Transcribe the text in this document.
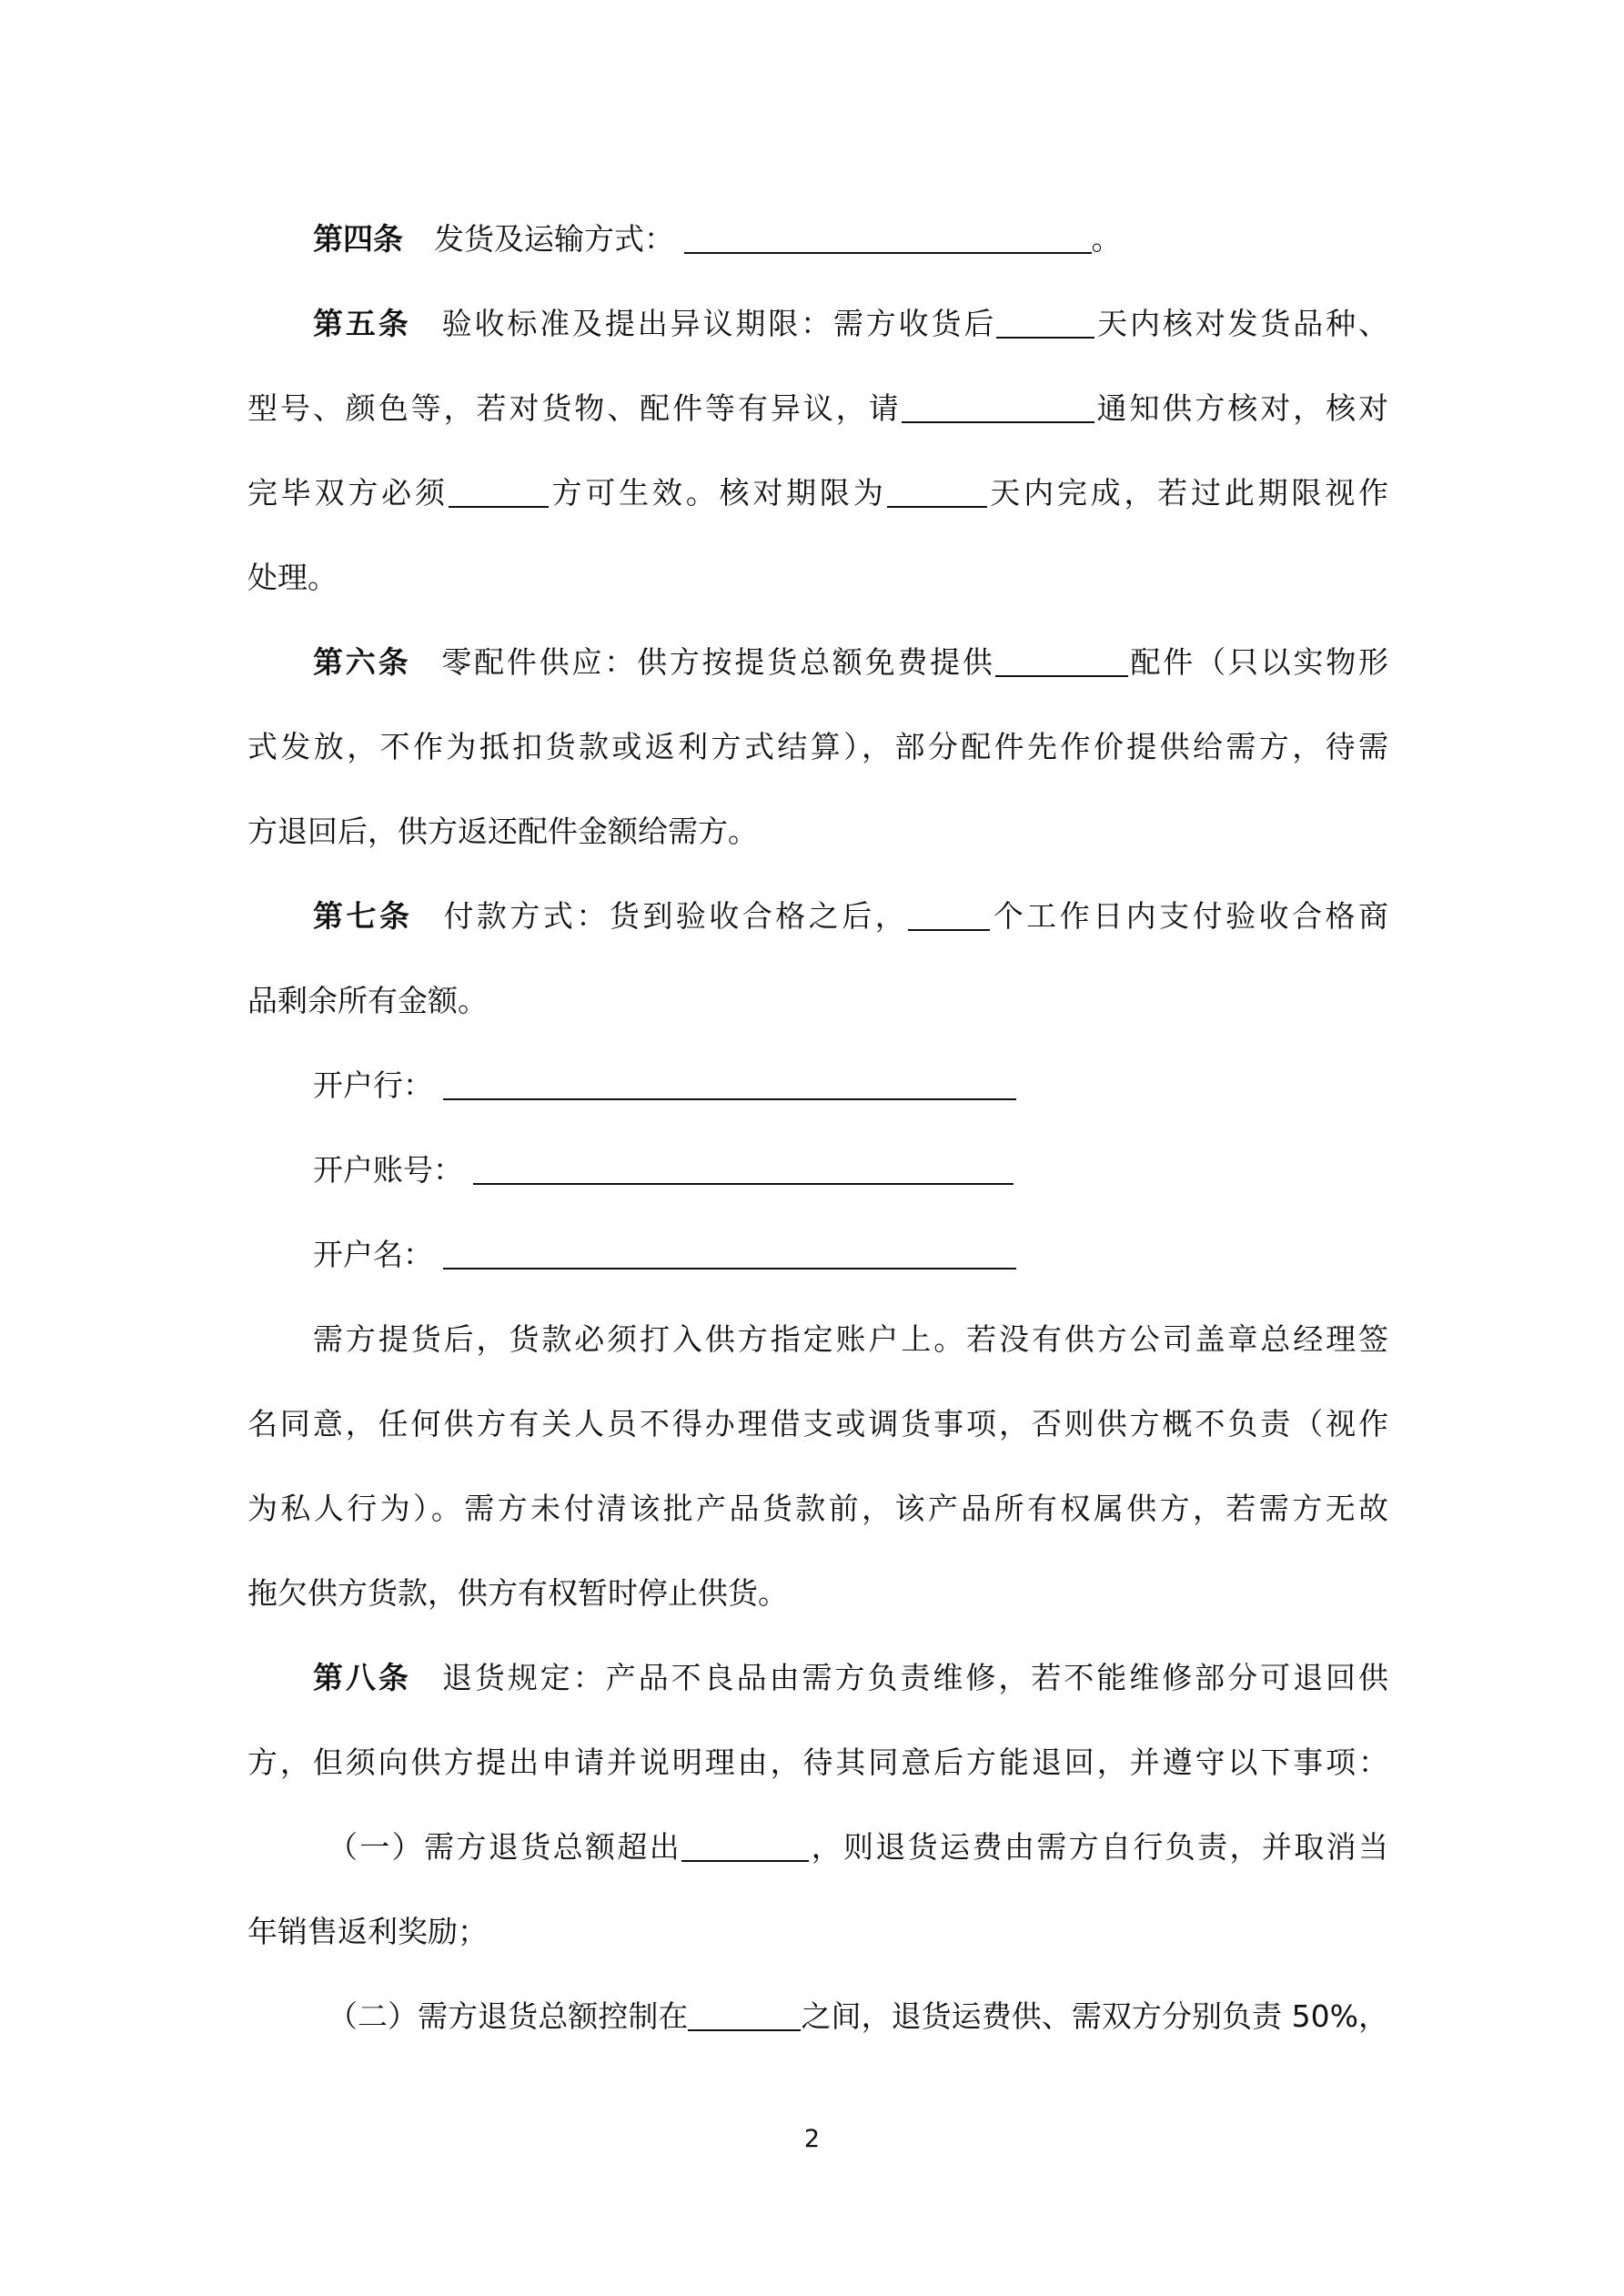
第四条 发货及运输方式：	。
第五条 验收标准及提出异议期限：需方收货后	天内核对发货品种、
型号、颜色等，若对货物、配件等有异议，请	通知供方核对，核对
完毕双方必须	方可生效。核对期限为	天内完成，若过此期限视作
处理。
第六条 零配件供应：供方按提货总额免费提供	配件（只以实物形
式发放，不作为抵扣货款或返利方式结算），部分配件先作价提供给需方，待需
方退回后，供方返还配件金额给需方。
第七条 付款方式：货到验收合格之后，	个工作日内支付验收合格商
品剩余所有金额。
开户行：
开户账号：
开户名：
需方提货后，货款必须打入供方指定账户上。若没有供方公司盖章总经理签
名同意，任何供方有关人员不得办理借支或调货事项，否则供方概不负责（视作
为私人行为）。需方未付清该批产品货款前，该产品所有权属供方，若需方无故
拖欠供方货款，供方有权暂时停止供货。
第八条 退货规定：产品不良品由需方负责维修，若不能维修部分可退回供
方，但须向供方提出申请并说明理由，待其同意后方能退回，并遵守以下事项：
（一）需方退货总额超出	，则退货运费由需方自行负责，并取消当
年销售返利奖励；
（二）需方退货总额控制在	之间，退货运费供、需双方分别负责 50%，
2
